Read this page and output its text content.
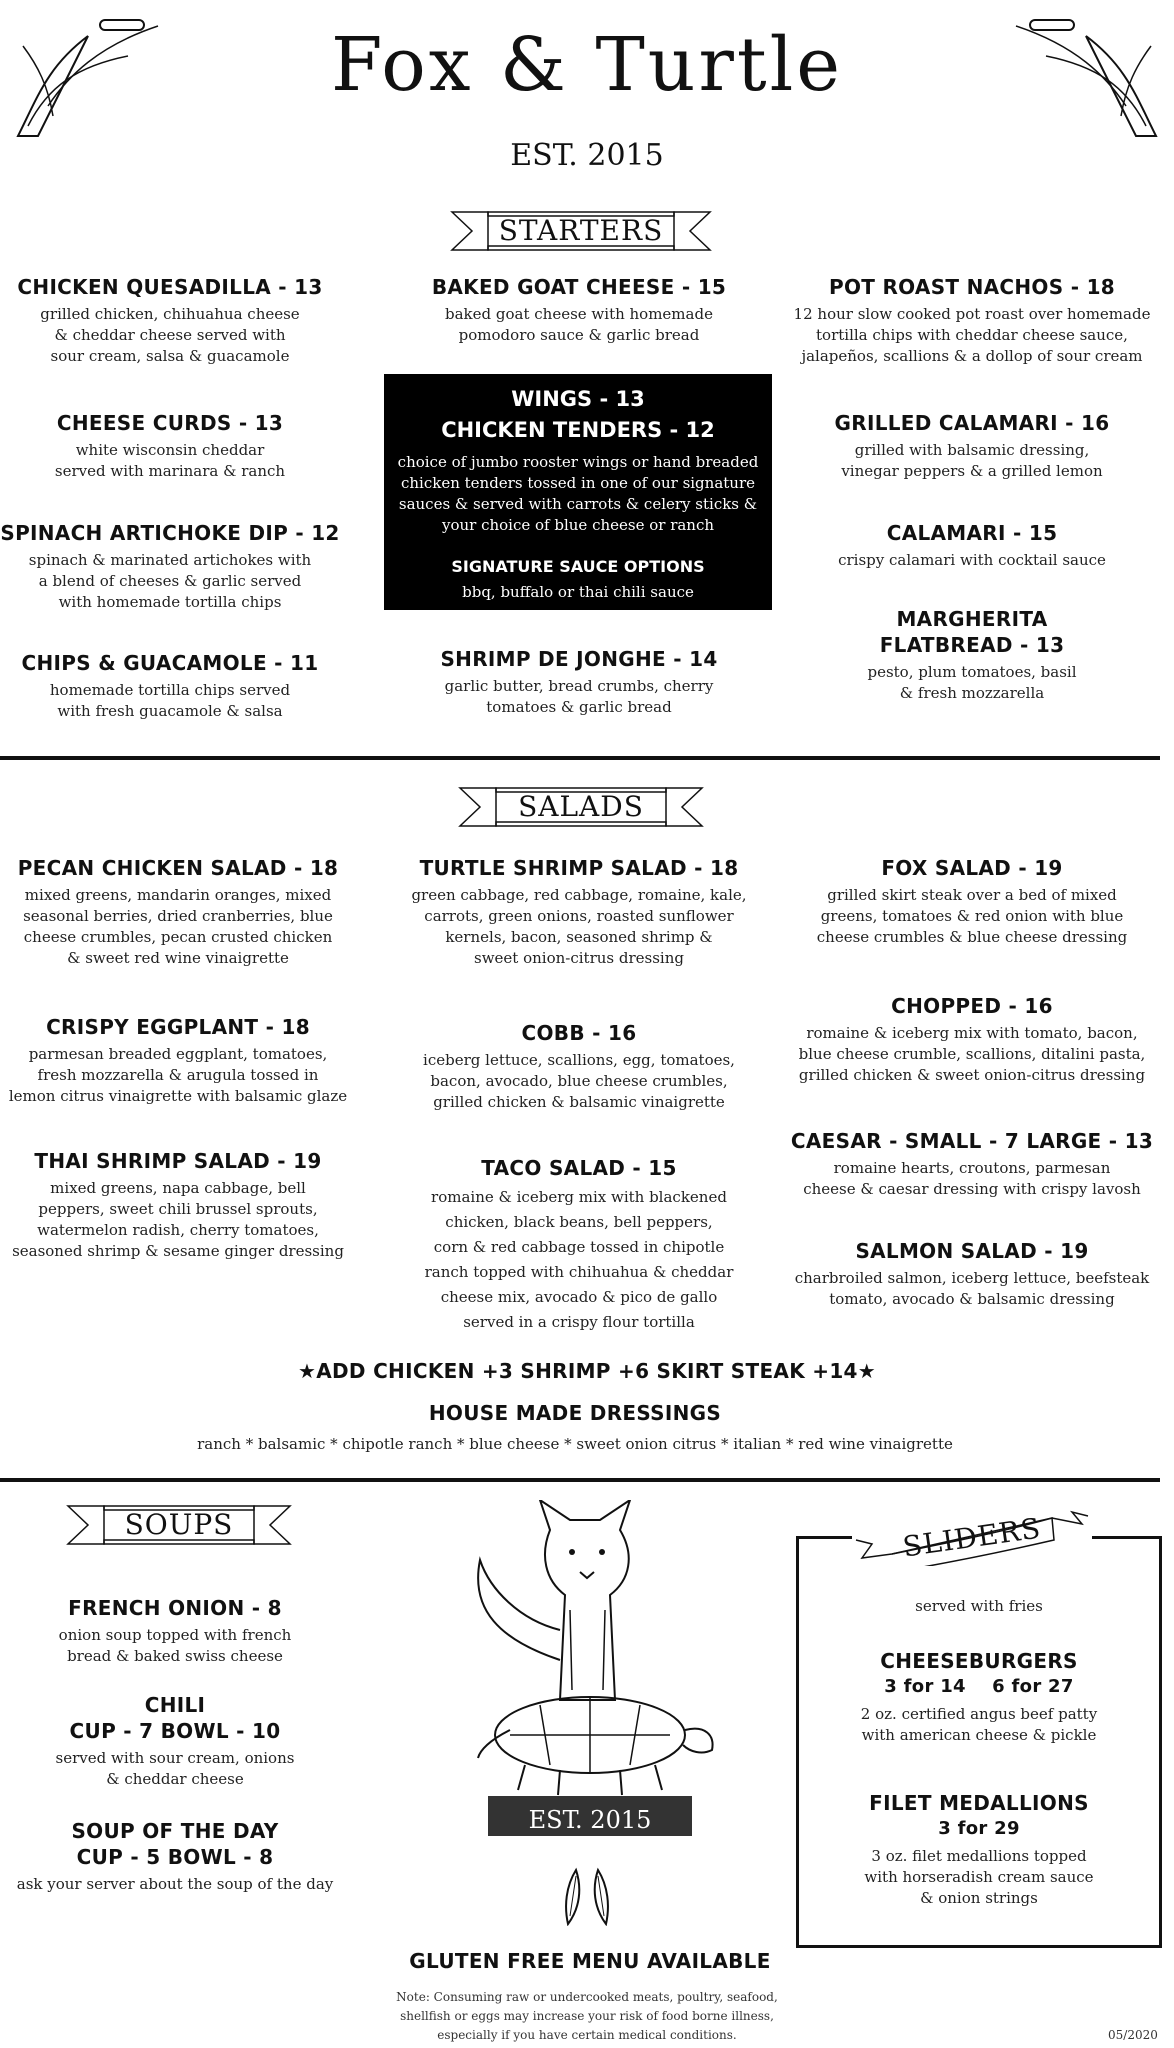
Fox & Turtle
EST. 2015
STARTERS
CHICKEN QUESADILLA - 13
grilled chicken, chihuahua cheese
& cheddar cheese served with
sour cream, salsa & guacamole
CHEESE CURDS - 13
white wisconsin cheddar
served with marinara & ranch
SPINACH ARTICHOKE DIP - 12
spinach & marinated artichokes with
a blend of cheeses & garlic served
with homemade tortilla chips
CHIPS & GUACAMOLE - 11
homemade tortilla chips served
with fresh guacamole & salsa
BAKED GOAT CHEESE - 15
baked goat cheese with homemade
pomodoro sauce & garlic bread
WINGS - 13
CHICKEN TENDERS - 12
choice of jumbo rooster wings or hand breaded chicken tenders tossed in one of our signature sauces & served with carrots & celery sticks & your choice of blue cheese or ranch
SIGNATURE SAUCE OPTIONS
bbq, buffalo or thai chili sauce
SHRIMP DE JONGHE - 14
garlic butter, bread crumbs, cherry
tomatoes & garlic bread
POT ROAST NACHOS - 18
12 hour slow cooked pot roast over homemade
tortilla chips with cheddar cheese sauce,
jalapeños, scallions & a dollop of sour cream
GRILLED CALAMARI - 16
grilled with balsamic dressing,
vinegar peppers & a grilled lemon
CALAMARI - 15
crispy calamari with cocktail sauce
MARGHERITA
FLATBREAD - 13
pesto, plum tomatoes, basil
& fresh mozzarella
SALADS
PECAN CHICKEN SALAD - 18
mixed greens, mandarin oranges, mixed
seasonal berries, dried cranberries, blue
cheese crumbles, pecan crusted chicken
& sweet red wine vinaigrette
CRISPY EGGPLANT - 18
parmesan breaded eggplant, tomatoes,
fresh mozzarella & arugula tossed in
lemon citrus vinaigrette with balsamic glaze
THAI SHRIMP SALAD - 19
mixed greens, napa cabbage, bell
peppers, sweet chili brussel sprouts,
watermelon radish, cherry tomatoes,
seasoned shrimp & sesame ginger dressing
TURTLE SHRIMP SALAD - 18
green cabbage, red cabbage, romaine, kale,
carrots, green onions, roasted sunflower
kernels, bacon, seasoned shrimp &
sweet onion-citrus dressing
COBB - 16
iceberg lettuce, scallions, egg, tomatoes,
bacon, avocado, blue cheese crumbles,
grilled chicken & balsamic vinaigrette
TACO SALAD - 15
romaine & iceberg mix with blackened
chicken, black beans, bell peppers,
corn & red cabbage tossed in chipotle
ranch topped with chihuahua & cheddar
cheese mix, avocado & pico de gallo
served in a crispy flour tortilla
FOX SALAD - 19
grilled skirt steak over a bed of mixed
greens, tomatoes & red onion with blue
cheese crumbles & blue cheese dressing
CHOPPED - 16
romaine & iceberg mix with tomato, bacon,
blue cheese crumble, scallions, ditalini pasta,
grilled chicken & sweet onion-citrus dressing
CAESAR - SMALL - 7 LARGE - 13
romaine hearts, croutons, parmesan
cheese & caesar dressing with crispy lavosh
SALMON SALAD - 19
charbroiled salmon, iceberg lettuce, beefsteak
tomato, avocado & balsamic dressing
★ADD CHICKEN +3 SHRIMP +6 SKIRT STEAK +14★
HOUSE MADE DRESSINGS
ranch * balsamic * chipotle ranch * blue cheese * sweet onion citrus * italian * red wine vinaigrette
SOUPS
FRENCH ONION - 8
onion soup topped with french
bread & baked swiss cheese
CHILI
CUP - 7 BOWL - 10
served with sour cream, onions
& cheddar cheese
SOUP OF THE DAY
CUP - 5 BOWL - 8
ask your server about the soup of the day
EST. 2015
GLUTEN FREE MENU AVAILABLE
Note: Consuming raw or undercooked meats, poultry, seafood,
shellfish or eggs may increase your risk of food borne illness,
especially if you have certain medical conditions.	05/2020
SLIDERS
served with fries
CHEESEBURGERS
3 for 14    6 for 27
2 oz. certified angus beef patty
with american cheese & pickle
FILET MEDALLIONS
3 for 29
3 oz. filet medallions topped
with horseradish cream sauce
& onion strings
